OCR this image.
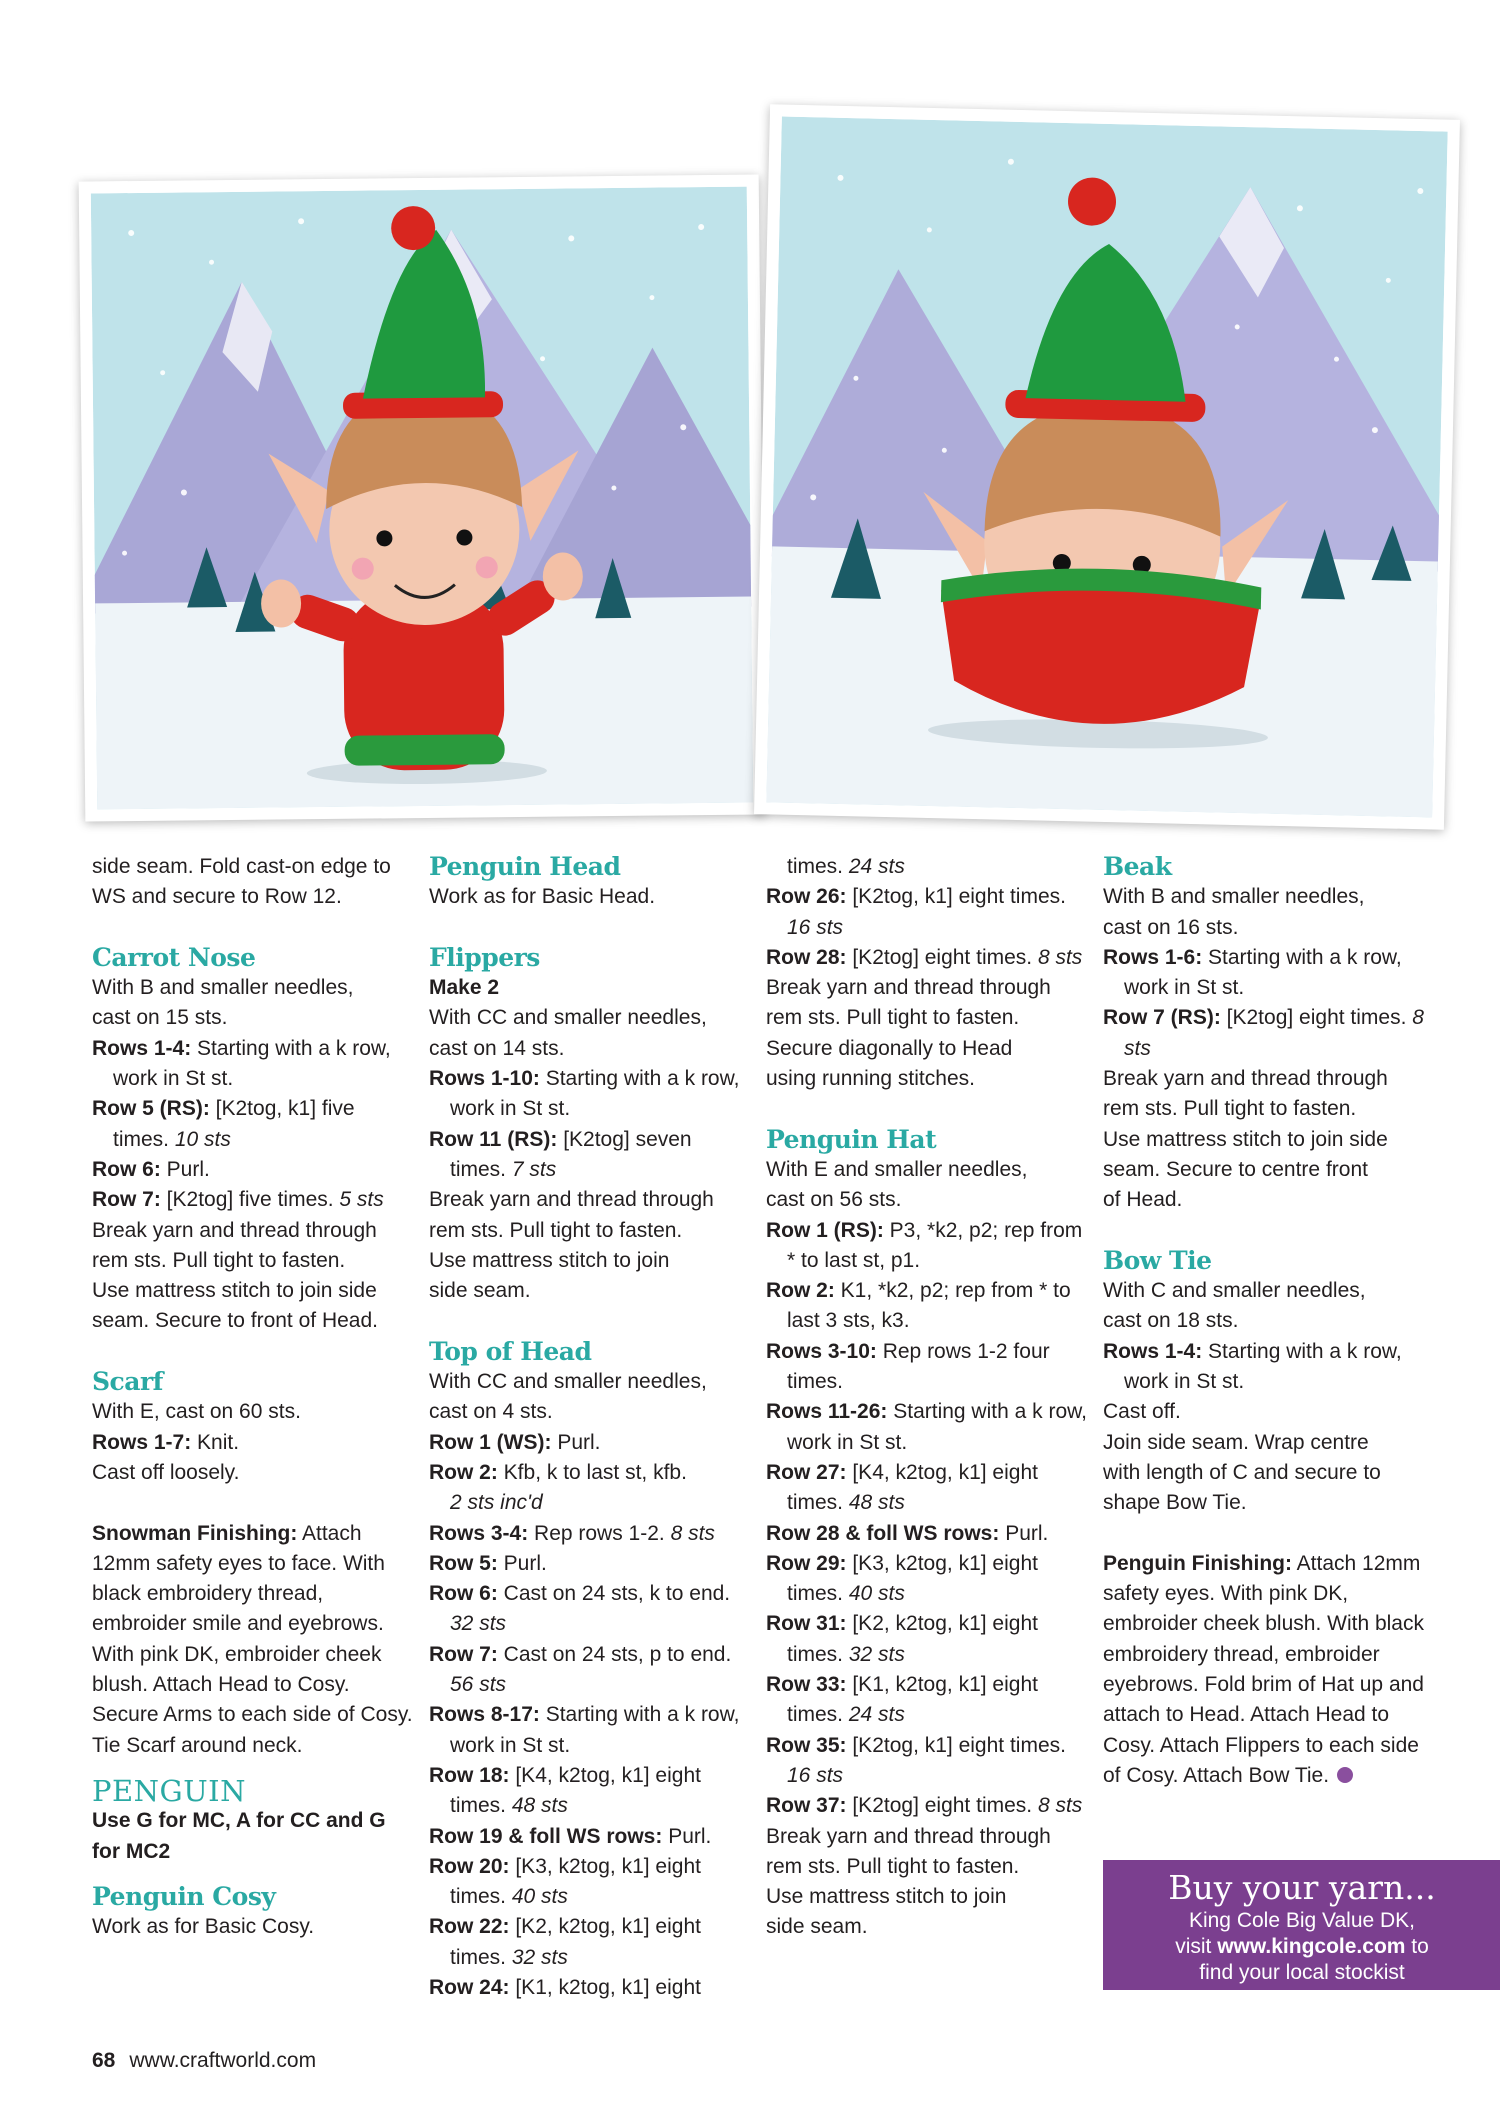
side seam. Fold cast-on edge to

WS and secure to Row 12.

Carrot Nose

With B and smaller needles,

cast on 15 sts.

Rows 1-4: Starting with a k row, work in St st.

Row 5 (RS): [K2tog, k1] five times. 10 sts

Row 6: Purl.

Row 7: [K2tog] five times. 5 sts

Break yarn and thread through

rem sts. Pull tight to fasten.

Use mattress stitch to join side

seam. Secure to front of Head.

Scarf

With E, cast on 60 sts.

Rows 1-7: Knit.

Cast off loosely.

Snowman Finishing: Attach 12mm safety eyes to face. With black embroidery thread, embroider smile and eyebrows. With pink DK, embroider cheek blush. Attach Head to Cosy. Secure Arms to each side of Cosy. Tie Scarf around neck.

PENGUIN

Use G for MC, A for CC and G for MC2

Penguin Cosy

Work as for Basic Cosy.

Penguin Head

Work as for Basic Head.

Flippers

Make 2

With CC and smaller needles,

cast on 14 sts.

Rows 1-10: Starting with a k row, work in St st.

Row 11 (RS): [K2tog] seven times. 7 sts

Break yarn and thread through

rem sts. Pull tight to fasten.

Use mattress stitch to join

side seam.

Top of Head

With CC and smaller needles,

cast on 4 sts.

Row 1 (WS): Purl.

Row 2: Kfb, k to last st, kfb.

2 sts inc'd

Rows 3-4: Rep rows 1-2. 8 sts

Row 5: Purl.

Row 6: Cast on 24 sts, k to end. 32 sts

Row 7: Cast on 24 sts, p to end. 56 sts

Rows 8-17: Starting with a k row, work in St st.

Row 18: [K4, k2tog, k1] eight times. 48 sts

Row 19 & foll WS rows: Purl.

Row 20: [K3, k2tog, k1] eight times. 40 sts

Row 22: [K2, k2tog, k1] eight times. 32 sts

Row 24: [K1, k2tog, k1] eight

times. 24 sts

Row 26: [K2tog, k1] eight times. 16 sts

Row 28: [K2tog] eight times. 8 sts

Break yarn and thread through

rem sts. Pull tight to fasten.

Secure diagonally to Head

using running stitches.

Penguin Hat

With E and smaller needles,

cast on 56 sts.

Row 1 (RS): P3, *k2, p2; rep from * to last st, p1.

Row 2: K1, *k2, p2; rep from * to last 3 sts, k3.

Rows 3-10: Rep rows 1-2 four times.

Rows 11-26: Starting with a k row, work in St st.

Row 27: [K4, k2tog, k1] eight times. 48 sts

Row 28 & foll WS rows: Purl.

Row 29: [K3, k2tog, k1] eight times. 40 sts

Row 31: [K2, k2tog, k1] eight times. 32 sts

Row 33: [K1, k2tog, k1] eight times. 24 sts

Row 35: [K2tog, k1] eight times. 16 sts

Row 37: [K2tog] eight times. 8 sts

Break yarn and thread through

rem sts. Pull tight to fasten.

Use mattress stitch to join

side seam.

Beak

With B and smaller needles,

cast on 16 sts.

Rows 1-6: Starting with a k row, work in St st.

Row 7 (RS): [K2tog] eight times. 8 sts

Break yarn and thread through

rem sts. Pull tight to fasten.

Use mattress stitch to join side

seam. Secure to centre front

of Head.

Bow Tie

With C and smaller needles,

cast on 18 sts.

Rows 1-4: Starting with a k row, work in St st.

Cast off.

Join side seam. Wrap centre

with length of C and secure to

shape Bow Tie.

Penguin Finishing: Attach 12mm safety eyes. With pink DK, embroider cheek blush. With black embroidery thread, embroider eyebrows. Fold brim of Hat up and attach to Head. Attach Head to Cosy. Attach Flippers to each side of Cosy. Attach Bow Tie.

Buy your yarn...
King Cole Big Value DK,
visit www.kingcole.com to
find your local stockist
68 www.craftworld.com
